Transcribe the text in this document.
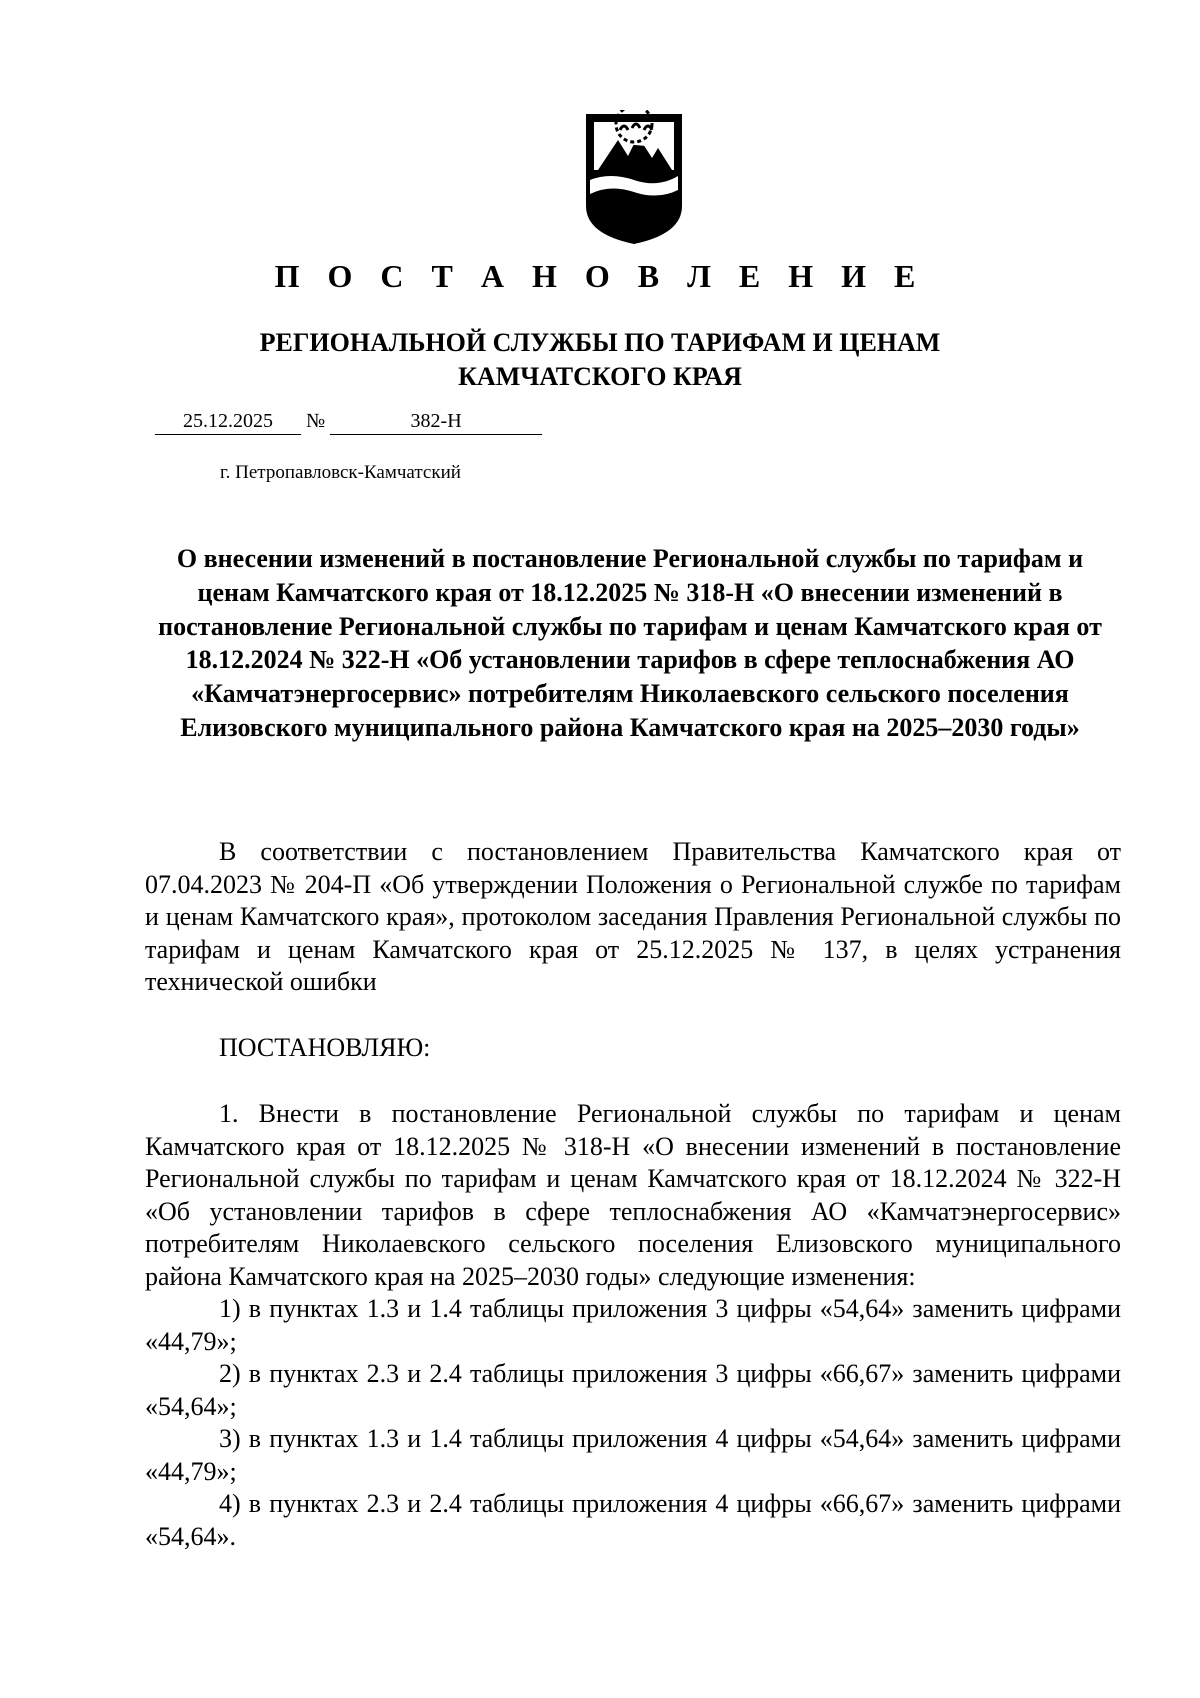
П О С Т А Н О В Л Е Н И Е
РЕГИОНАЛЬНОЙ СЛУЖБЫ ПО ТАРИФАМ И ЦЕНАМ
КАМЧАТСКОГО КРАЯ
25.12.2025 №	382-Н
г. Петропавловск-Камчатский
О внесении изменений в постановление Региональной службы по тарифам и ценам Камчатского края от 18.12.2025 № 318-Н «О внесении изменений в постановление Региональной службы по тарифам и ценам Камчатского края от 18.12.2024 № 322-Н «Об установлении тарифов в сфере теплоснабжения АО «Камчатэнергосервис» потребителям Николаевского сельского поселения Елизовского муниципального района Камчатского края на 2025–2030 годы»

В соответствии с постановлением Правительства Камчатского края от 07.04.2023 № 204-П «Об утверждении Положения о Региональной службе по тарифам и ценам Камчатского края», протоколом заседания Правления Региональной службы по тарифам и ценам Камчатского края от 25.12.2025 № 137, в целях устранения технической ошибки

ПОСТАНОВЛЯЮ:

1. Внести в постановление Региональной службы по тарифам и ценам Камчатского края от 18.12.2025 № 318-Н «О внесении изменений в постановление Региональной службы по тарифам и ценам Камчатского края от 18.12.2024 № 322-Н «Об установлении тарифов в сфере теплоснабжения АО «Камчатэнергосервис» потребителям Николаевского сельского поселения Елизовского муниципального района Камчатского края на 2025–2030 годы» следующие изменения:

1) в пунктах 1.3 и 1.4 таблицы приложения 3 цифры «54,64» заменить цифрами «44,79»;

2) в пунктах 2.3 и 2.4 таблицы приложения 3 цифры «66,67» заменить цифрами «54,64»;

3) в пунктах 1.3 и 1.4 таблицы приложения 4 цифры «54,64» заменить цифрами «44,79»;

4) в пунктах 2.3 и 2.4 таблицы приложения 4 цифры «66,67» заменить цифрами «54,64».
